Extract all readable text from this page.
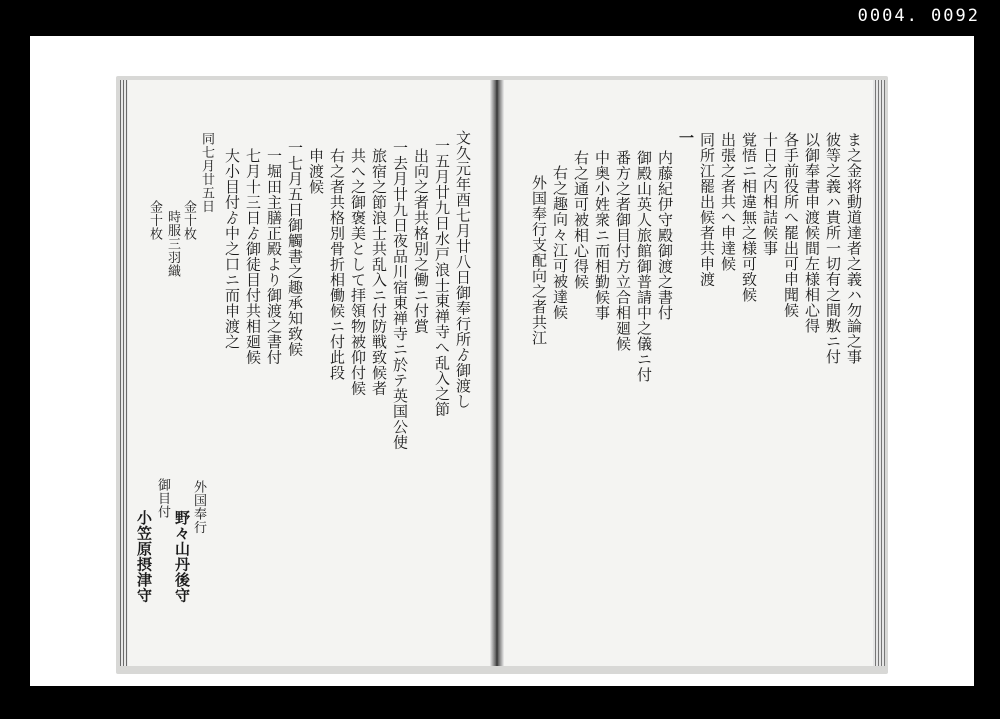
0004. 0092
文久元年酉七月廿八日御奉行所ゟ御渡し
一五月廿九日水戸浪士東禅寺へ乱入之節
出向之者共格別之働ニ付賞
一去月廿九日夜品川宿東禅寺ニ於テ英国公使
旅宿之節浪士共乱入ニ付防戦致候者
共へ之御褒美として拝領物被仰付候
右之者共格別骨折相働候ニ付此段
申渡候
一七月五日御觸書之趣承知致候
一堀田主膳正殿より御渡之書付
七月十三日ゟ御徒目付共相廻候
大小目付ゟ中之口ニ而申渡之
同七月廿五日
金十枚
時服三羽織
金十枚
外国奉行
野々山丹後守
御目付
小笠原摂津守
ま之金将動道達者之義ハ勿論之事
彼等之義ハ貴所一切有之間敷ニ付
以御奉書申渡候間左様相心得
各手前役所へ罷出可申聞候
十日之内相詰候事
覚悟ニ相違無之様可致候
出張之者共へ申達候
同所江罷出候者共申渡
一
内藤紀伊守殿御渡之書付
御殿山英人旅館御普請中之儀ニ付
番方之者御目付方立合相廻候
中奥小姓衆ニ而相勤候事
右之通可被相心得候
右之趣向々江可被達候
外国奉行支配向之者共江
